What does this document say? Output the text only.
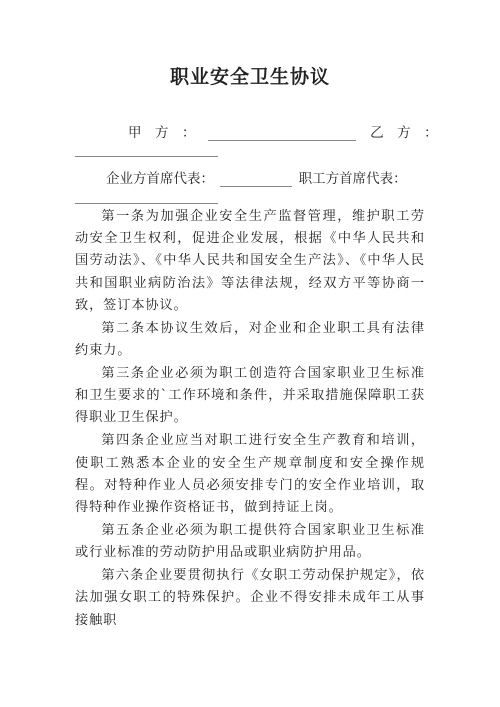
职业安全卫生协议
甲　方　：	乙　方　：
企业方首席代表：	职工方首席代表：

第一条为加强企业安全生产监督管理，维护职工劳动安全卫生权利，促进企业发展，根据《中华人民共和国劳动法》、《中华人民共和国安全生产法》、《中华人民共和国职业病防治法》等法律法规，经双方平等协商一致，签订本协议。

第二条本协议生效后，对企业和企业职工具有法律约束力。

第三条企业必须为职工创造符合国家职业卫生标准和卫生要求的`工作环境和条件，并采取措施保障职工获得职业卫生保护。

第四条企业应当对职工进行安全生产教育和培训，使职工熟悉本企业的安全生产规章制度和安全操作规程。对特种作业人员必须安排专门的安全作业培训，取得特种作业操作资格证书，做到持证上岗。

第五条企业必须为职工提供符合国家职业卫生标准或行业标准的劳动防护用品或职业病防护用品。

第六条企业要贯彻执行《女职工劳动保护规定》，依法加强女职工的特殊保护。企业不得安排未成年工从事接触职
